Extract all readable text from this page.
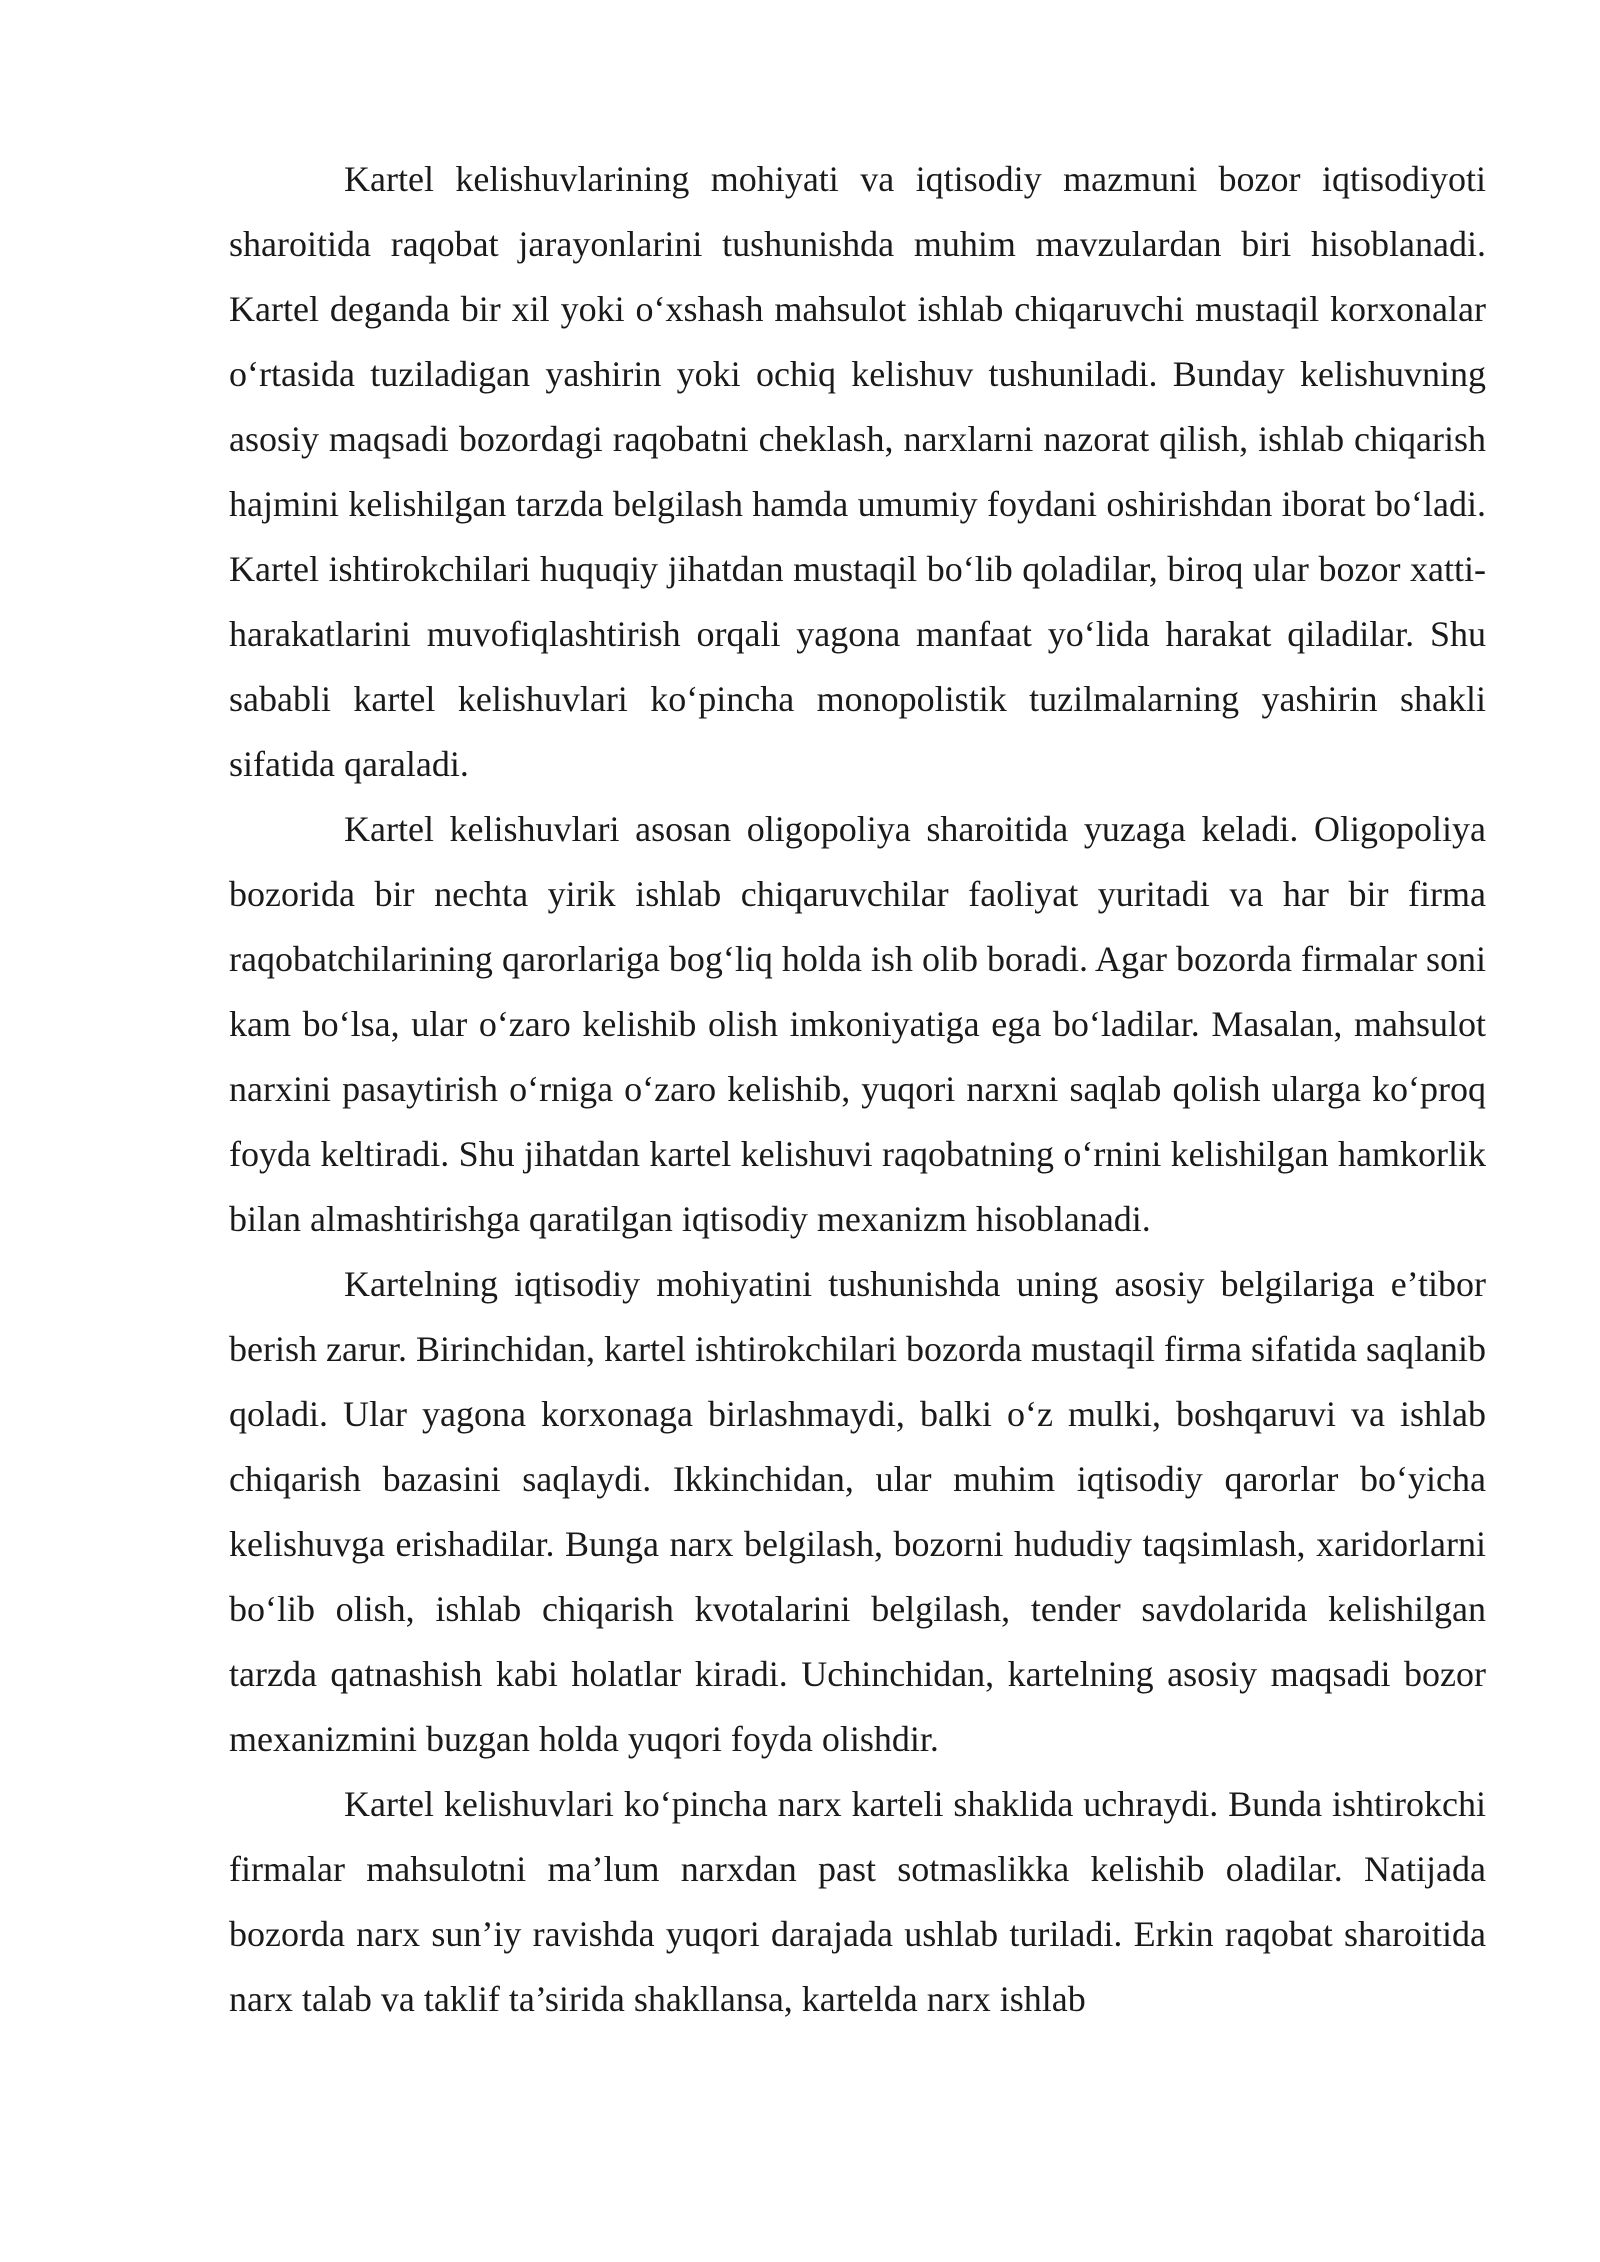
Kartel kelishuvlarining mohiyati va iqtisodiy mazmuni bozor iqtisodiyoti sharoitida raqobat jarayonlarini tushunishda muhim mavzulardan biri hisoblanadi. Kartel deganda bir xil yoki o‘xshash mahsulot ishlab chiqaruvchi mustaqil korxonalar o‘rtasida tuziladigan yashirin yoki ochiq kelishuv tushuniladi. Bunday kelishuvning asosiy maqsadi bozordagi raqobatni cheklash, narxlarni nazorat qilish, ishlab chiqarish hajmini kelishilgan tarzda belgilash hamda umumiy foydani oshirishdan iborat bo‘ladi. Kartel ishtirokchilari huquqiy jihatdan mustaqil bo‘lib qoladilar, biroq ular bozor xatti-harakatlarini muvofiqlashtirish orqali yagona manfaat yo‘lida harakat qiladilar. Shu sababli kartel kelishuvlari ko‘pincha monopolistik tuzilmalarning yashirin shakli sifatida qaraladi.

Kartel kelishuvlari asosan oligopoliya sharoitida yuzaga keladi. Oligopoliya bozorida bir nechta yirik ishlab chiqaruvchilar faoliyat yuritadi va har bir firma raqobatchilarining qarorlariga bog‘liq holda ish olib boradi. Agar bozorda firmalar soni kam bo‘lsa, ular o‘zaro kelishib olish imkoniyatiga ega bo‘ladilar. Masalan, mahsulot narxini pasaytirish o‘rniga o‘zaro kelishib, yuqori narxni saqlab qolish ularga ko‘proq foyda keltiradi. Shu jihatdan kartel kelishuvi raqobatning o‘rnini kelishilgan hamkorlik bilan almashtirishga qaratilgan iqtisodiy mexanizm hisoblanadi.

Kartelning iqtisodiy mohiyatini tushunishda uning asosiy belgilariga e’tibor berish zarur. Birinchidan, kartel ishtirokchilari bozorda mustaqil firma sifatida saqlanib qoladi. Ular yagona korxonaga birlashmaydi, balki o‘z mulki, boshqaruvi va ishlab chiqarish bazasini saqlaydi. Ikkinchidan, ular muhim iqtisodiy qarorlar bo‘yicha kelishuvga erishadilar. Bunga narx belgilash, bozorni hududiy taqsimlash, xaridorlarni bo‘lib olish, ishlab chiqarish kvotalarini belgilash, tender savdolarida kelishilgan tarzda qatnashish kabi holatlar kiradi. Uchinchidan, kartelning asosiy maqsadi bozor mexanizmini buzgan holda yuqori foyda olishdir.

Kartel kelishuvlari ko‘pincha narx karteli shaklida uchraydi. Bunda ishtirokchi firmalar mahsulotni ma’lum narxdan past sotmaslikka kelishib oladilar. Natijada bozorda narx sun’iy ravishda yuqori darajada ushlab turiladi. Erkin raqobat sharoitida narx talab va taklif ta’sirida shakllansa, kartelda narx ishlab
